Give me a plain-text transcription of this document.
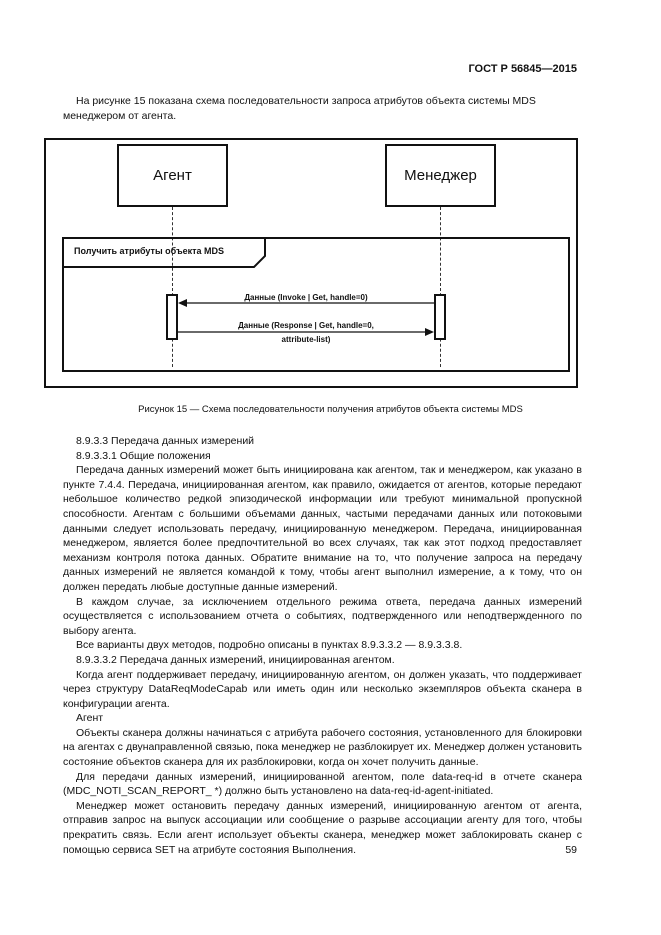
ГОСТ Р 56845—2015
На рисунке 15 показана схема последовательности запроса атрибутов объекта системы MDS менеджером от агента.
Агент	Менеджер
Получить атрибуты объекта MDS
Данные (Invoke | Get, handle=0)
Данные (Response | Get, handle=0,
attribute-list)
Рисунок 15 — Схема последовательности получения атрибутов объекта системы MDS

8.9.3.3 Передача данных измерений

8.9.3.3.1 Общие положения

Передача данных измерений может быть инициирована как агентом, так и менеджером, как указано в пункте 7.4.4. Передача, инициированная агентом, как правило, ожидается от агентов, которые передают небольшое количество редкой эпизодической информации или требуют минимальной пропускной способности. Агентам с большими объемами данных, частыми передачами данных или потоковыми данными следует использовать передачу, инициированную менеджером. Передача, инициированная менеджером, является более предпочтительной во всех случаях, так как этот подход предоставляет механизм контроля потока данных. Обратите внимание на то, что получение запроса на передачу данных измерений не является командой к тому, чтобы агент выполнил измерение, а к тому, что он должен передать любые доступные данные измерений.

В каждом случае, за исключением отдельного режима ответа, передача данных измерений осуществляется с использованием отчета о событиях, подтвержденного или неподтвержденного по выбору агента.

Все варианты двух методов, подробно описаны в пунктах 8.9.3.3.2 — 8.9.3.3.8.

8.9.3.3.2 Передача данных измерений, инициированная агентом.

Когда агент поддерживает передачу, инициированную агентом, он должен указать, что поддерживает через структуру DataReqModeCapab или иметь один или несколько экземпляров объекта сканера в конфигурации агента.

Агент

Объекты сканера должны начинаться с атрибута рабочего состояния, установленного для блокировки на агентах с двунаправленной связью, пока менеджер не разблокирует их. Менеджер должен установить состояние объектов сканера для их разблокировки, когда он хочет получить данные.

Для передачи данных измерений, инициированной агентом, поле data-req-id в отчете сканера (MDC_NOTI_SCAN_REPORT_ *) должно быть установлено на data-req-id-agent-initiated.

Менеджер может остановить передачу данных измерений, инициированную агентом от агента, отправив запрос на выпуск ассоциации или сообщение о разрыве ассоциации агенту для того, чтобы прекратить связь. Если агент использует объекты сканера, менеджер может заблокировать сканер с помощью сервиса SET на атрибуте состояния Выполнения.	59
